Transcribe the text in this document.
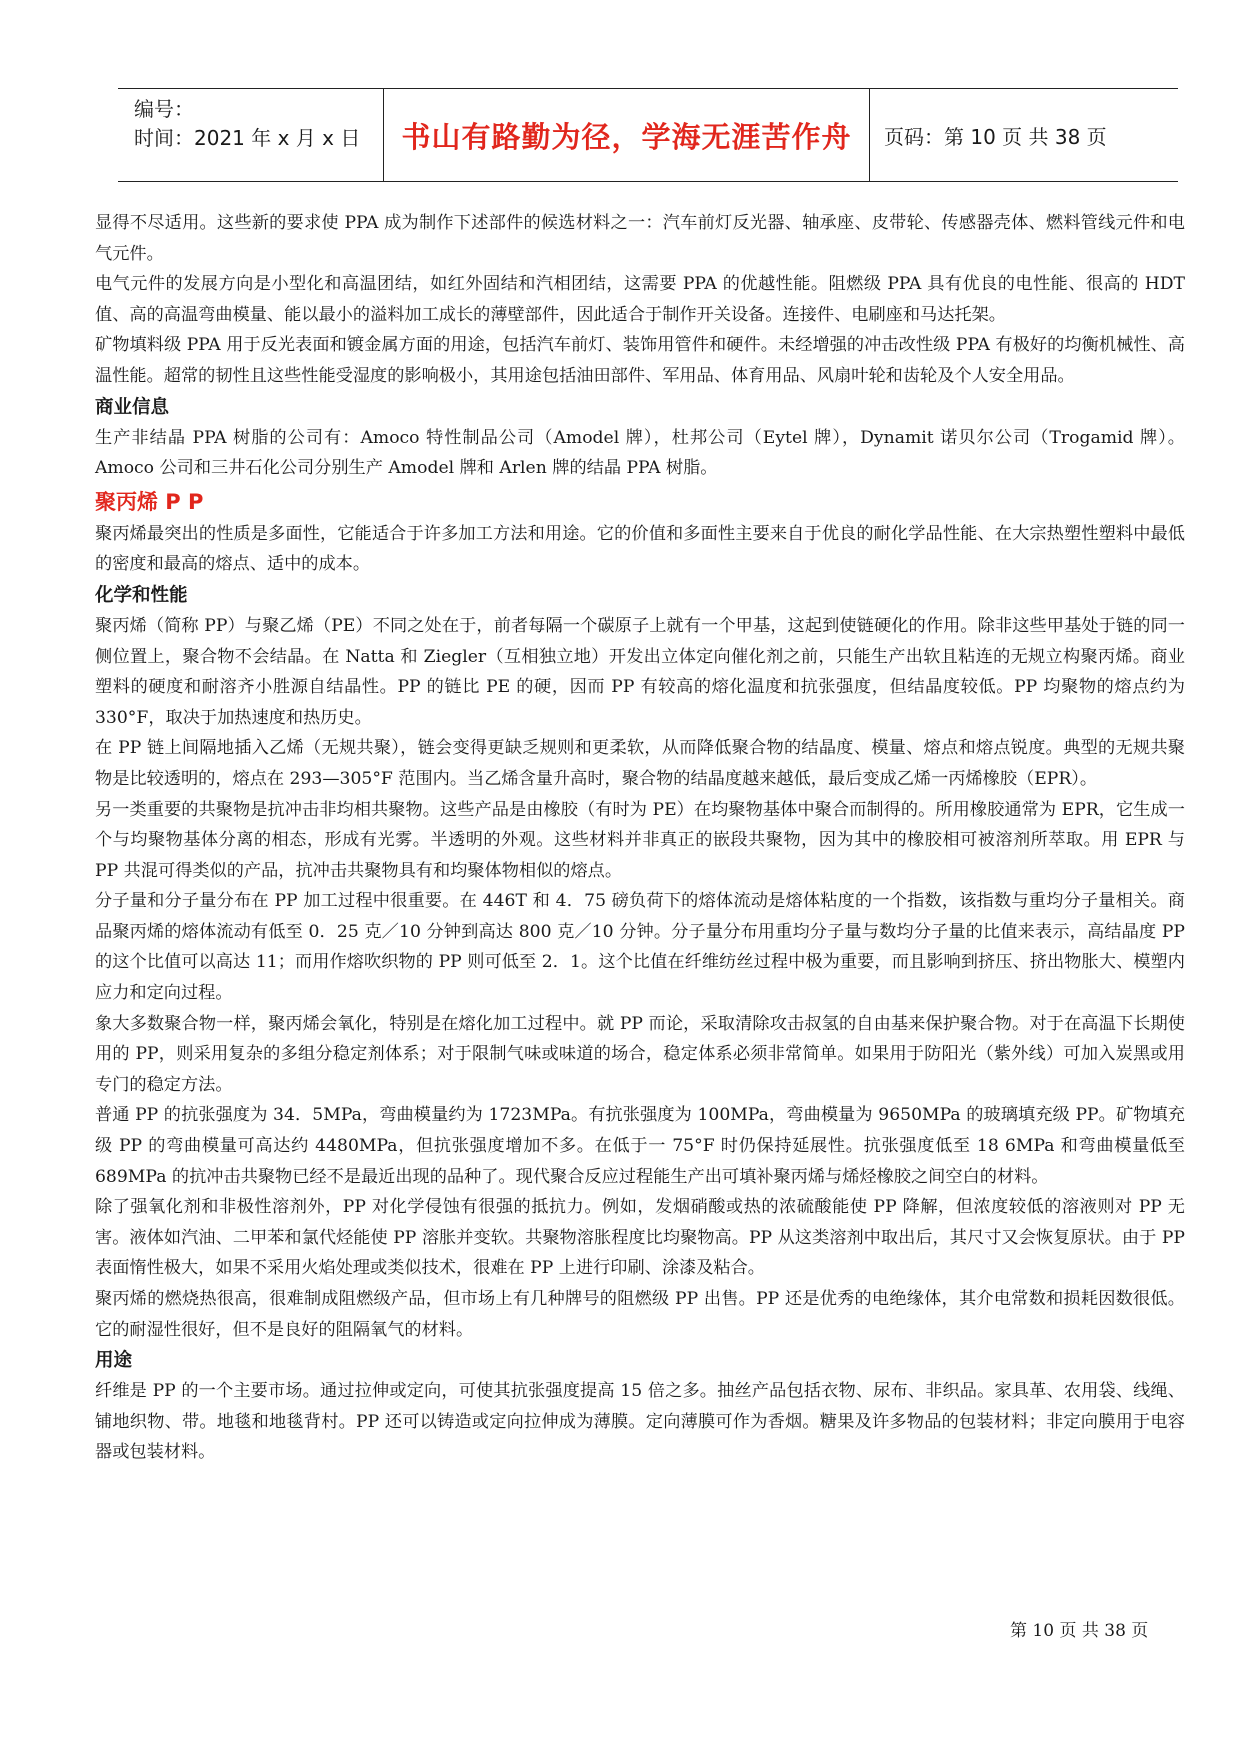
编号：
时间：2021 年 x 月 x 日	书山有路勤为径，学海无涯苦作舟 页码：第 10 页 共 38 页

显得不尽适用。这些新的要求使 PPA 成为制作下述部件的候选材料之一：汽车前灯反光器、轴承座、皮带轮、传感器壳体、燃料管线元件和电气元件。

电气元件的发展方向是小型化和高温团结，如红外固结和汽相团结，这需要 PPA 的优越性能。阻燃级 PPA 具有优良的电性能、很高的 HDT 值、高的高温弯曲模量、能以最小的溢料加工成长的薄壁部件，因此适合于制作开关设备。连接件、电刷座和马达托架。

矿物填料级 PPA 用于反光表面和镀金属方面的用途，包括汽车前灯、装饰用管件和硬件。未经增强的冲击改性级 PPA 有极好的均衡机械性、高温性能。超常的韧性且这些性能受湿度的影响极小，其用途包括油田部件、军用品、体育用品、风扇叶轮和齿轮及个人安全用品。

商业信息

生产非结晶 PPA 树脂的公司有：Amoco 特性制品公司（Amodel 牌），杜邦公司（Eytel 牌），Dynamit 诺贝尔公司（Trogamid 牌）。Amoco 公司和三井石化公司分别生产 Amodel 牌和 Arlen 牌的结晶 PPA 树脂。

聚丙烯 P P

聚丙烯最突出的性质是多面性，它能适合于许多加工方法和用途。它的价值和多面性主要来自于优良的耐化学品性能、在大宗热塑性塑料中最低的密度和最高的熔点、适中的成本。

化学和性能

聚丙烯（简称 PP）与聚乙烯（PE）不同之处在于，前者每隔一个碳原子上就有一个甲基，这起到使链硬化的作用。除非这些甲基处于链的同一侧位置上，聚合物不会结晶。在 Natta 和 Ziegler（互相独立地）开发出立体定向催化剂之前，只能生产出软且粘连的无规立构聚丙烯。商业塑料的硬度和耐溶齐小胜源自结晶性。PP 的链比 PE 的硬，因而 PP 有较高的熔化温度和抗张强度，但结晶度较低。PP 均聚物的熔点约为 330°F，取决于加热速度和热历史。

在 PP 链上间隔地插入乙烯（无规共聚），链会变得更缺乏规则和更柔软，从而降低聚合物的结晶度、模量、熔点和熔点锐度。典型的无规共聚物是比较透明的，熔点在 293—305°F 范围内。当乙烯含量升高时，聚合物的结晶度越来越低，最后变成乙烯一丙烯橡胶（EPR）。

另一类重要的共聚物是抗冲击非均相共聚物。这些产品是由橡胶（有时为 PE）在均聚物基体中聚合而制得的。所用橡胶通常为 EPR，它生成一个与均聚物基体分离的相态，形成有光雾。半透明的外观。这些材料并非真正的嵌段共聚物，因为其中的橡胶相可被溶剂所萃取。用 EPR 与 PP 共混可得类似的产品，抗冲击共聚物具有和均聚体物相似的熔点。

分子量和分子量分布在 PP 加工过程中很重要。在 446T 和 4．75 磅负荷下的熔体流动是熔体粘度的一个指数，该指数与重均分子量相关。商品聚丙烯的熔体流动有低至 0．25 克／10 分钟到高达 800 克／10 分钟。分子量分布用重均分子量与数均分子量的比值来表示，高结晶度 PP 的这个比值可以高达 11；而用作熔吹织物的 PP 则可低至 2．1。这个比值在纤维纺丝过程中极为重要，而且影响到挤压、挤出物胀大、模塑内应力和定向过程。

象大多数聚合物一样，聚丙烯会氧化，特别是在熔化加工过程中。就 PP 而论，采取清除攻击叔氢的自由基来保护聚合物。对于在高温下长期使用的 PP，则采用复杂的多组分稳定剂体系；对于限制气味或味道的场合，稳定体系必须非常简单。如果用于防阳光（紫外线）可加入炭黑或用专门的稳定方法。

普通 PP 的抗张强度为 34．5MPa，弯曲模量约为 1723MPa。有抗张强度为 100MPa，弯曲模量为 9650MPa 的玻璃填充级 PP。矿物填充级 PP 的弯曲模量可高达约 4480MPa，但抗张强度增加不多。在低于一 75°F 时仍保持延展性。抗张强度低至 18 6MPa 和弯曲模量低至 689MPa 的抗冲击共聚物已经不是最近出现的品种了。现代聚合反应过程能生产出可填补聚丙烯与烯烃橡胶之间空白的材料。

除了强氧化剂和非极性溶剂外，PP 对化学侵蚀有很强的抵抗力。例如，发烟硝酸或热的浓硫酸能使 PP 降解，但浓度较低的溶液则对 PP 无害。液体如汽油、二甲苯和氯代烃能使 PP 溶胀并变软。共聚物溶胀程度比均聚物高。PP 从这类溶剂中取出后，其尺寸又会恢复原状。由于 PP 表面惰性极大，如果不采用火焰处理或类似技术，很难在 PP 上进行印刷、涂漆及粘合。

聚丙烯的燃烧热很高，很难制成阻燃级产品，但市场上有几种牌号的阻燃级 PP 出售。PP 还是优秀的电绝缘体，其介电常数和损耗因数很低。它的耐湿性很好，但不是良好的阻隔氧气的材料。

用途

纤维是 PP 的一个主要市场。通过拉伸或定向，可使其抗张强度提高 15 倍之多。抽丝产品包括衣物、尿布、非织品。家具革、农用袋、线绳、铺地织物、带。地毯和地毯背村。PP 还可以铸造或定向拉伸成为薄膜。定向薄膜可作为香烟。糖果及许多物品的包装材料；非定向膜用于电容器或包装材料。

第 10 页 共 38 页
